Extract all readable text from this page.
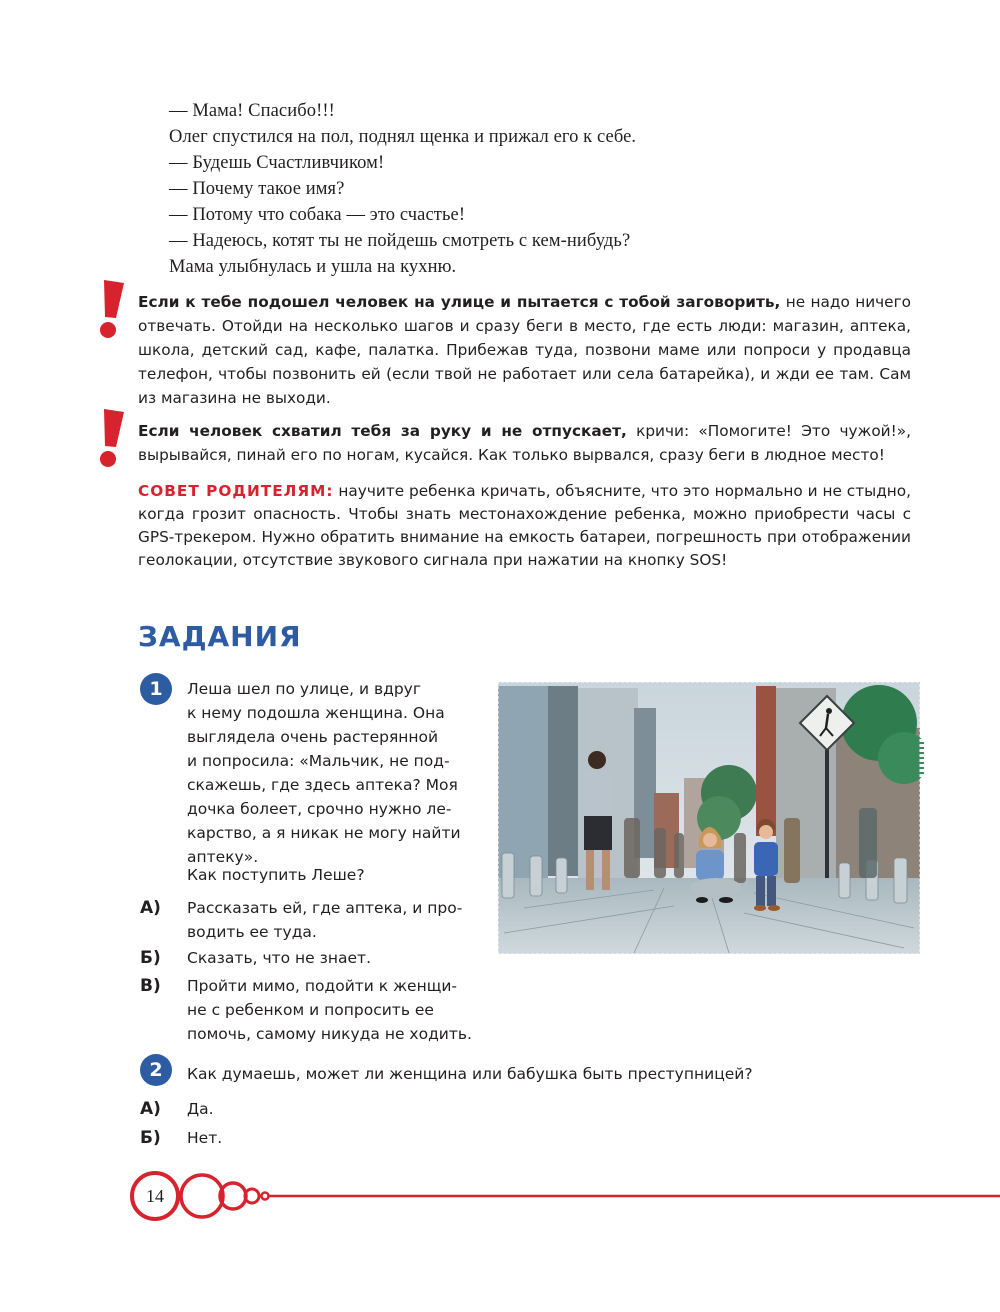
— Мама! Спасибо!!!

Олег спустился на пол, поднял щенка и прижал его к себе.

— Будешь Счастливчиком!

— Почему такое имя?

— Потому что собака — это счастье!

— Надеюсь, котят ты не пойдешь смотреть с кем-нибудь?

Мама улыбнулась и ушла на кухню.

Если к тебе подошел человек на улице и пытается с тобой заговорить, не надо ничего отвечать. Отойди на несколько шагов и сразу беги в место, где есть люди: магазин, аптека, школа, детский сад, кафе, палатка. Прибежав туда, позвони маме или попроси у продавца телефон, чтобы позвонить ей (если твой не работает или села батарейка), и жди ее там. Сам из магазина не выходи.
Если человек схватил тебя за руку и не отпускает, кричи: «Помогите! Это чужой!», вырывайся, пинай его по ногам, кусайся. Как только вырвался, сразу беги в людное место!
СОВЕТ РОДИТЕЛЯМ: научите ребенка кричать, объясните, что это нормально и не стыдно, когда грозит опасность. Чтобы знать местонахождение ребенка, можно приобрести часы с GPS-трекером. Нужно обратить внимание на емкость батареи, погрешность при отображении геолокации, отсутствие звукового сигнала при нажатии на кнопку SOS!
ЗАДАНИЯ
1	Леша шел по улице, и вдруг

к нему подошла женщина. Она

выглядела очень растерянной

и попросила: «Мальчик, не под-

скажешь, где здесь аптека? Моя

дочка болеет, срочно нужно ле-

карство, а я никак не могу найти

аптеку».

Как поступить Леше?

А) Рассказать ей, где аптека, и про-

водить ее туда.

Б) Сказать, что не знает.

В) Пройти мимо, подойти к женщи-

не с ребенком и попросить ее

помочь, самому никуда не ходить.

2	Как думаешь, может ли женщина или бабушка быть преступницей?

А) Да.

Б) Нет.

14
